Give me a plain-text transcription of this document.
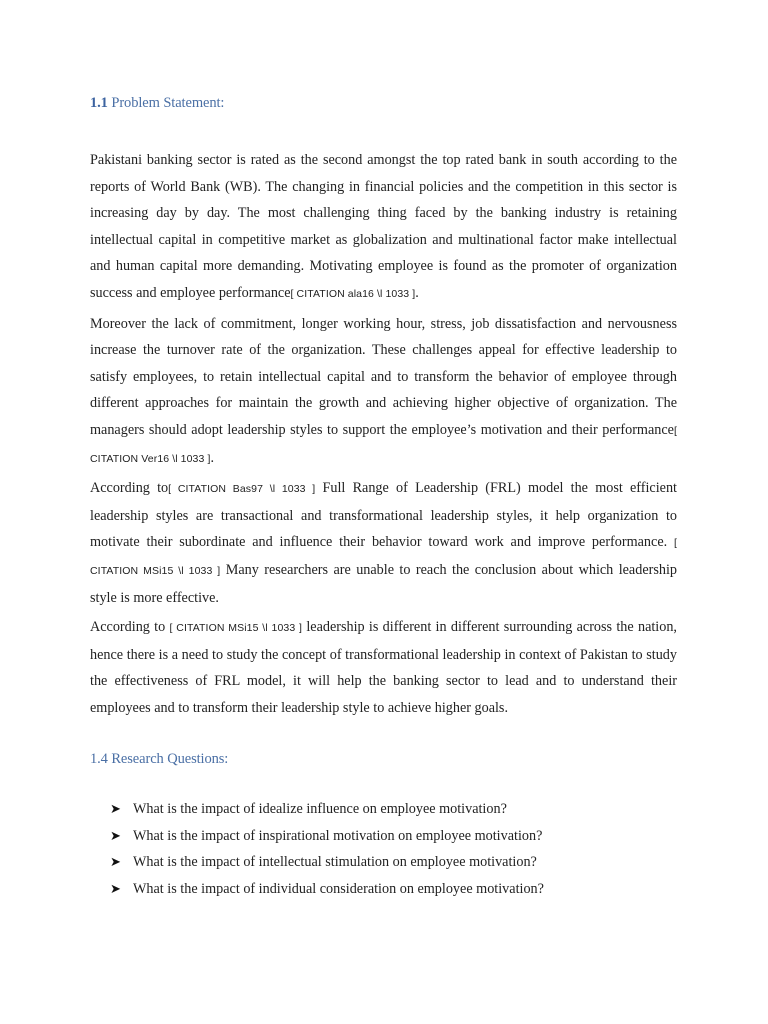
1.1 Problem Statement:

Pakistani banking sector is rated as the second amongst the top rated bank in south according to the reports of World Bank (WB). The changing in financial policies and the competition in this sector is increasing day by day. The most challenging thing faced by the banking industry is retaining intellectual capital in competitive market as globalization and multinational factor make intellectual and human capital more demanding. Motivating employee is found as the promoter of organization success and employee performance[ CITATION ala16 \l 1033 ].

Moreover the lack of commitment, longer working hour, stress, job dissatisfaction and nervousness increase the turnover rate of the organization. These challenges appeal for effective leadership to satisfy employees, to retain intellectual capital and to transform the behavior of employee through different approaches for maintain the growth and achieving higher objective of organization. The managers should adopt leadership styles to support the employee’s motivation and their performance[ CITATION Ver16 \l 1033 ].

According to[ CITATION Bas97 \l 1033 ] Full Range of Leadership (FRL) model the most efficient leadership styles are transactional and transformational leadership styles, it help organization to motivate their subordinate and influence their behavior toward work and improve performance. [ CITATION MSi15 \l 1033 ] Many researchers are unable to reach the conclusion about which leadership style is more effective.

According to [ CITATION MSi15 \l 1033 ] leadership is different in different surrounding across the nation, hence there is a need to study the concept of transformational leadership in context of Pakistan to study the effectiveness of FRL model, it will help the banking sector to lead and to understand their employees and to transform their leadership style to achieve higher goals.

1.4 Research Questions:
➤ What is the impact of idealize influence on employee motivation?
➤ What is the impact of inspirational motivation on employee motivation?
➤ What is the impact of intellectual stimulation on employee motivation?
➤ What is the impact of individual consideration on employee motivation?
